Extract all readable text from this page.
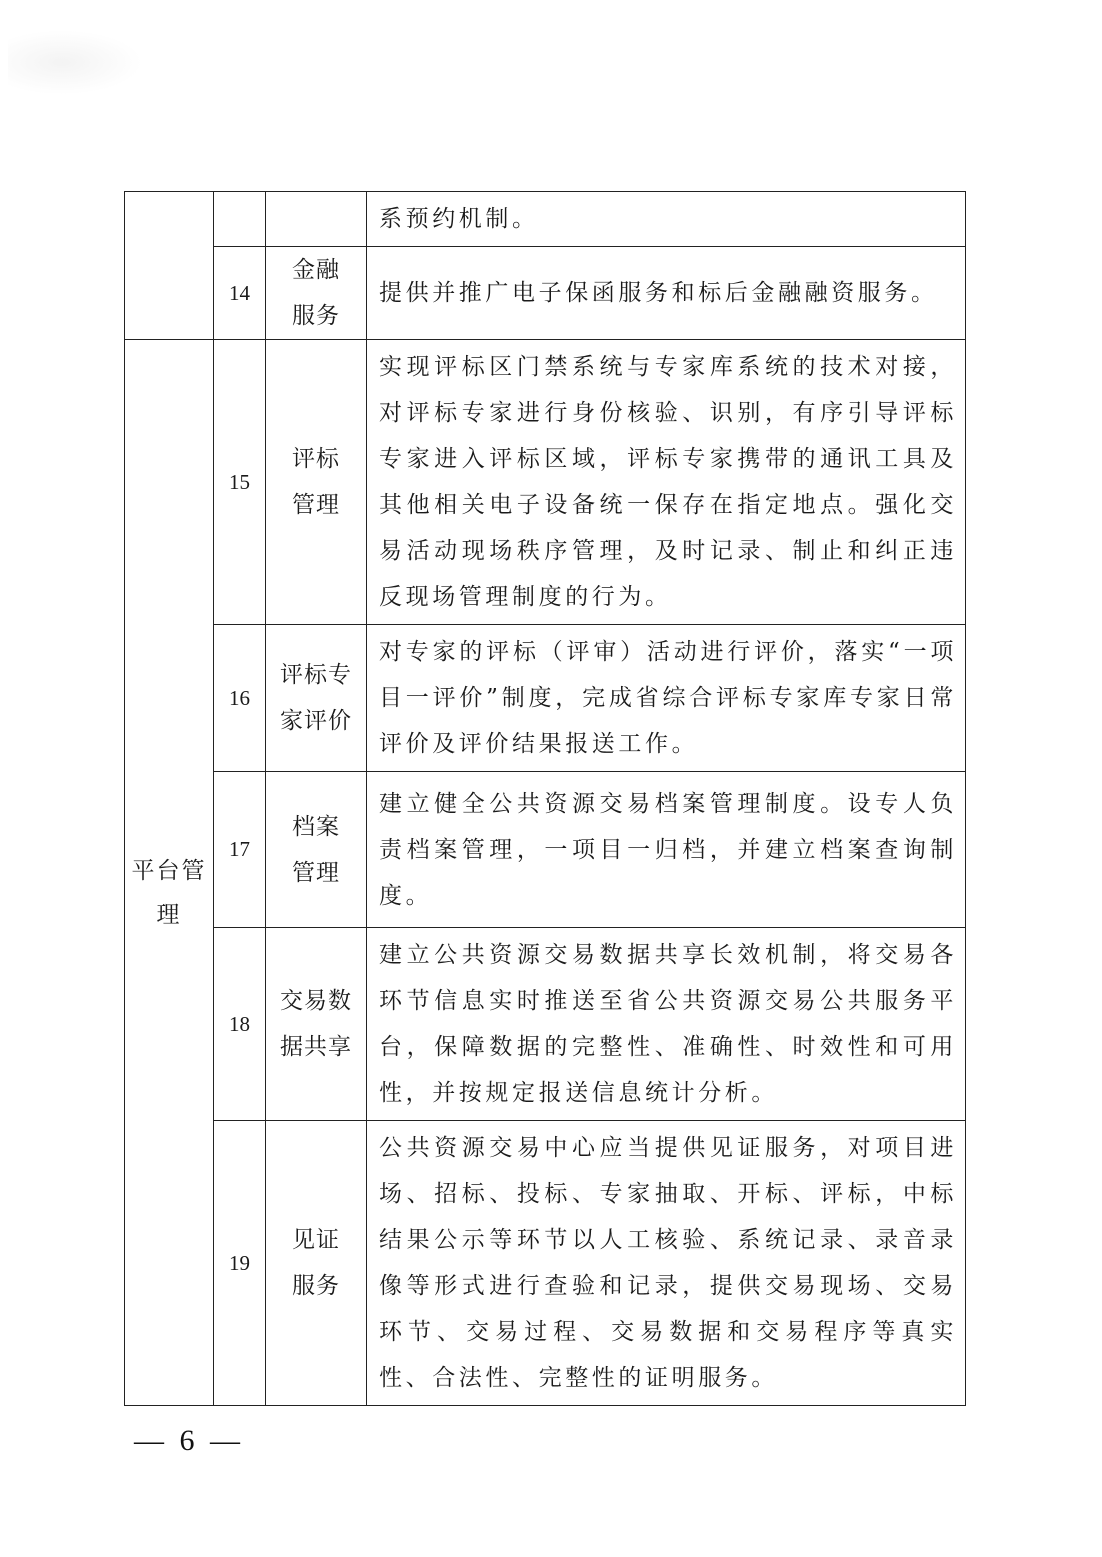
			系预约机制。

	14	金融
服务	提供并推广电子保函服务和标后金融融资服务。

平台管理	15	评标
管理	实现评标区门禁系统与专家库系统的技术对接，对评标专家进行身份核验、识别，有序引导评标专家进入评标区域，评标专家携带的通讯工具及其他相关电子设备统一保存在指定地点。强化交易活动现场秩序管理，及时记录、制止和纠正违反现场管理制度的行为。

	16	评标专
家评价	对专家的评标（评审）活动进行评价，落实“一项目一评价”制度，完成省综合评标专家库专家日常评价及评价结果报送工作。

	17	档案
管理	建立健全公共资源交易档案管理制度。设专人负责档案管理，一项目一归档，并建立档案查询制度。

	18	交易数
据共享	建立公共资源交易数据共享长效机制，将交易各环节信息实时推送至省公共资源交易公共服务平台，保障数据的完整性、准确性、时效性和可用性，并按规定报送信息统计分析。

	19	见证
服务	公共资源交易中心应当提供见证服务，对项目进场、招标、投标、专家抽取、开标、评标，中标结果公示等环节以人工核验、系统记录、录音录像等形式进行查验和记录，提供交易现场、交易环节、交易过程、交易数据和交易程序等真实性、合法性、完整性的证明服务。
— 6 —
